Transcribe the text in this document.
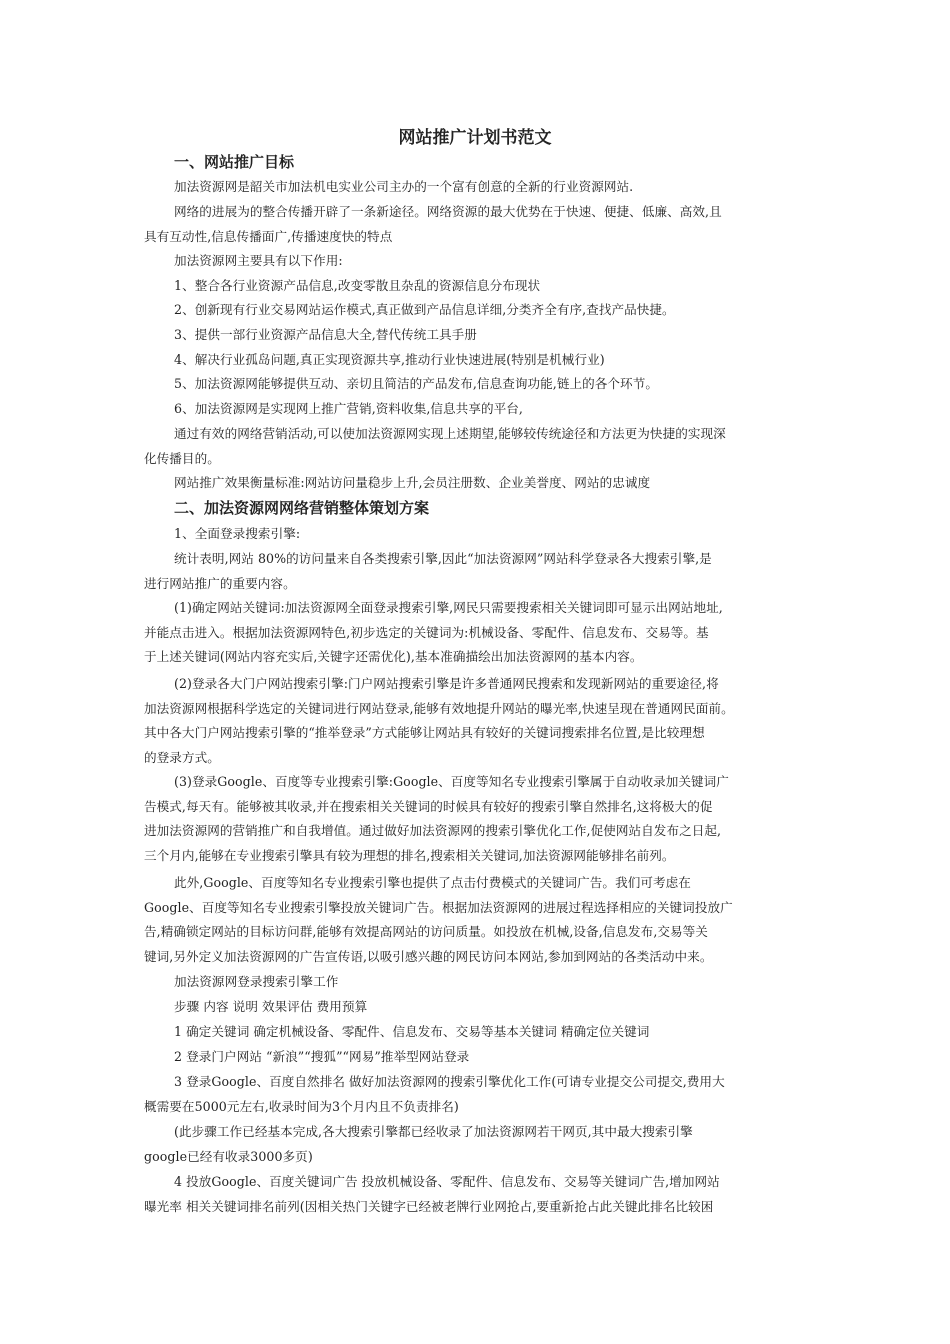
网站推广计划书范文
一、网站推广目标

加法资源网是韶关市加法机电实业公司主办的一个富有创意的全新的行业资源网站.

网络的进展为的整合传播开辟了一条新途径。网络资源的最大优势在于快速、便捷、低廉、高效,且
具有互动性,信息传播面广,传播速度快的特点

加法资源网主要具有以下作用:

1、整合各行业资源产品信息,改变零散且杂乱的资源信息分布现状

2、创新现有行业交易网站运作模式,真正做到产品信息详细,分类齐全有序,查找产品快捷。

3、提供一部行业资源产品信息大全,替代传统工具手册

4、解决行业孤岛问题,真正实现资源共享,推动行业快速进展(特别是机械行业)

5、加法资源网能够提供互动、亲切且简洁的产品发布,信息查询功能,链上的各个环节。

6、加法资源网是实现网上推广营销,资料收集,信息共享的平台,

通过有效的网络营销活动,可以使加法资源网实现上述期望,能够较传统途径和方法更为快捷的实现深
化传播目的。

网站推广效果衡量标准:网站访问量稳步上升,会员注册数、企业美誉度、网站的忠诚度

二、加法资源网网络营销整体策划方案

1、全面登录搜索引擎:

统计表明,网站 80%的访问量来自各类搜索引擎,因此“加法资源网”网站科学登录各大搜索引擎,是
进行网站推广的重要内容。

(1)确定网站关键词:加法资源网全面登录搜索引擎,网民只需要搜索相关关键词即可显示出网站地址,
并能点击进入。根据加法资源网特色,初步选定的关键词为:机械设备、零配件、信息发布、交易等。基
于上述关键词(网站内容充实后,关键字还需优化),基本准确描绘出加法资源网的基本内容。

(2)登录各大门户网站搜索引擎:门户网站搜索引擎是许多普通网民搜索和发现新网站的重要途径,将
加法资源网根据科学选定的关键词进行网站登录,能够有效地提升网站的曝光率,快速呈现在普通网民面前。
其中各大门户网站搜索引擎的“推举登录”方式能够让网站具有较好的关键词搜索排名位置,是比较理想
的登录方式。

(3)登录Google、百度等专业搜索引擎:Google、百度等知名专业搜索引擎属于自动收录加关键词广
告模式,每天有。能够被其收录,并在搜索相关关键词的时候具有较好的搜索引擎自然排名,这将极大的促
进加法资源网的营销推广和自我增值。通过做好加法资源网的搜索引擎优化工作,促使网站自发布之日起,
三个月内,能够在专业搜索引擎具有较为理想的排名,搜索相关关键词,加法资源网能够排名前列。

此外,Google、百度等知名专业搜索引擎也提供了点击付费模式的关键词广告。我们可考虑在
Google、百度等知名专业搜索引擎投放关键词广告。根据加法资源网的进展过程选择相应的关键词投放广
告,精确锁定网站的目标访问群,能够有效提高网站的访问质量。如投放在机械,设备,信息发布,交易等关
键词,另外定义加法资源网的广告宣传语,以吸引感兴趣的网民访问本网站,参加到网站的各类活动中来。

加法资源网登录搜索引擎工作

步骤 内容 说明 效果评估 费用预算

1 确定关键词 确定机械设备、零配件、信息发布、交易等基本关键词 精确定位关键词

2 登录门户网站 “新浪”“搜狐”“网易”推举型网站登录

3 登录Google、百度自然排名 做好加法资源网的搜索引擎优化工作(可请专业提交公司提交,费用大
概需要在5000元左右,收录时间为3个月内且不负责排名)

(此步骤工作已经基本完成,各大搜索引擎都已经收录了加法资源网若干网页,其中最大搜索引擎
google已经有收录3000多页)

4 投放Google、百度关键词广告 投放机械设备、零配件、信息发布、交易等关键词广告,增加网站
曝光率 相关关键词排名前列(因相关热门关键字已经被老牌行业网抢占,要重新抢占此关键此排名比较困
